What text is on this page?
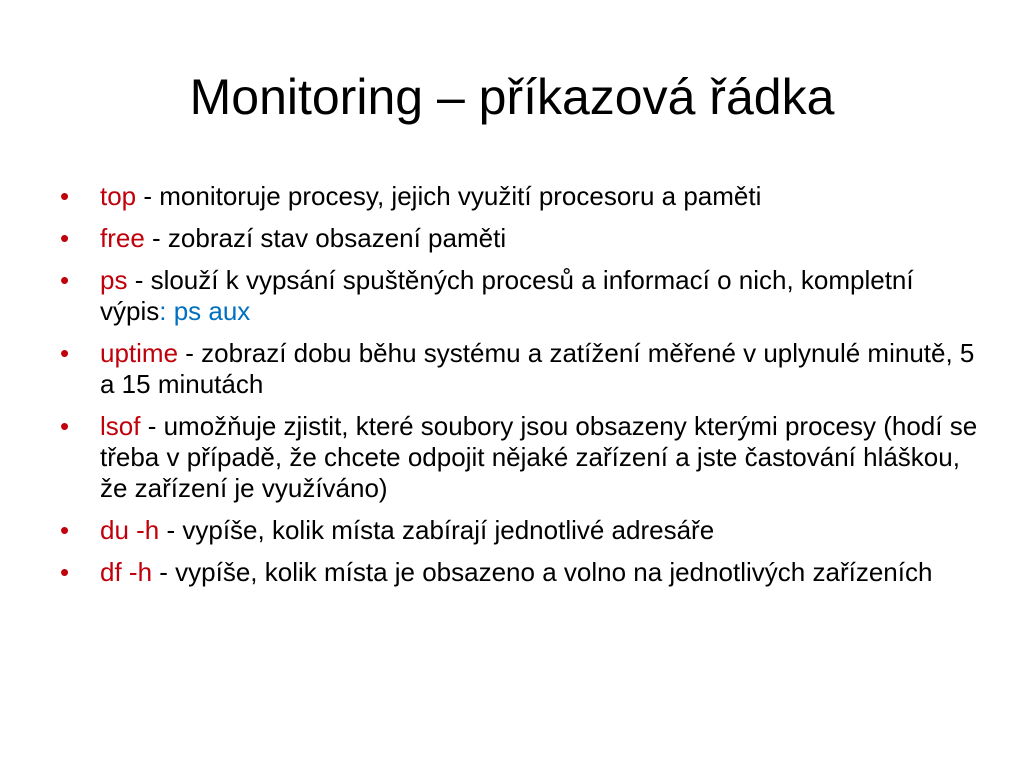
Monitoring – příkazová řádka
•	top - monitoruje procesy, jejich využití procesoru a paměti
•	free - zobrazí stav obsazení paměti
•	ps - slouží k vypsání spuštěných procesů a informací o nich, kompletní výpis: ps aux
•	uptime - zobrazí dobu běhu systému a zatížení měřené v uplynulé minutě, 5 a 15 minutách
•	lsof - umožňuje zjistit, které soubory jsou obsazeny kterými procesy (hodí se třeba v případě, že chcete odpojit nějaké zařízení a jste častování hláškou, že zařízení je využíváno)
•	du -h - vypíše, kolik místa zabírají jednotlivé adresáře
•	df -h - vypíše, kolik místa je obsazeno a volno na jednotlivých zařízeních
